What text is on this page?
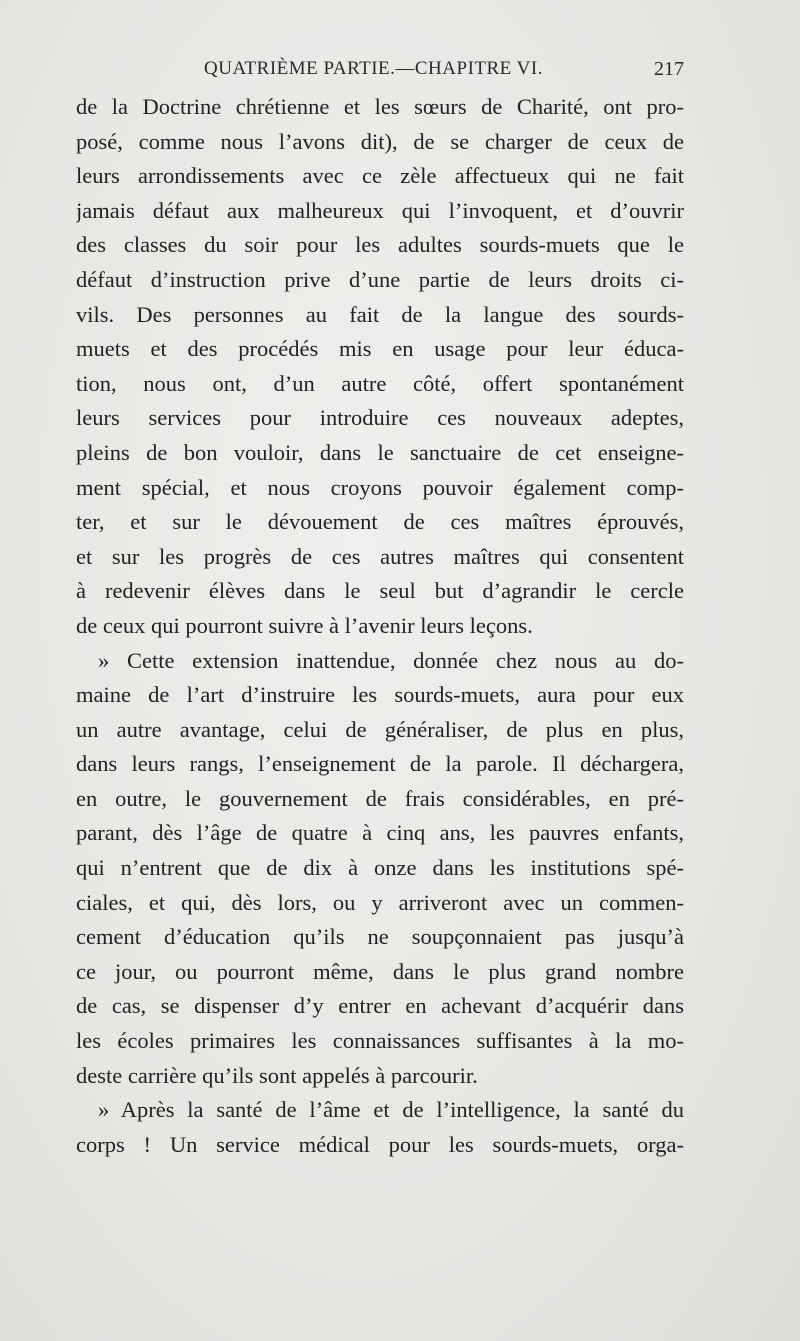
QUATRIÈME PARTIE.—CHAPITRE VI.	217
de la Doctrine chrétienne et les sœurs de Charité, ont pro-
posé, comme nous l’avons dit), de se charger de ceux de
leurs arrondissements avec ce zèle affectueux qui ne fait
jamais défaut aux malheureux qui l’invoquent, et d’ouvrir
des classes du soir pour les adultes sourds-muets que le
défaut d’instruction prive d’une partie de leurs droits ci-
vils. Des personnes au fait de la langue des sourds-
muets et des procédés mis en usage pour leur éduca-
tion, nous ont, d’un autre côté, offert spontanément
leurs services pour introduire ces nouveaux adeptes,
pleins de bon vouloir, dans le sanctuaire de cet enseigne-
ment spécial, et nous croyons pouvoir également comp-
ter, et sur le dévouement de ces maîtres éprouvés,
et sur les progrès de ces autres maîtres qui consentent
à redevenir élèves dans le seul but d’agrandir le cercle
de ceux qui pourront suivre à l’avenir leurs leçons.
» Cette extension inattendue, donnée chez nous au do-
maine de l’art d’instruire les sourds-muets, aura pour eux
un autre avantage, celui de généraliser, de plus en plus,
dans leurs rangs, l’enseignement de la parole. Il déchargera,
en outre, le gouvernement de frais considérables, en pré-
parant, dès l’âge de quatre à cinq ans, les pauvres enfants,
qui n’entrent que de dix à onze dans les institutions spé-
ciales, et qui, dès lors, ou y arriveront avec un commen-
cement d’éducation qu’ils ne soupçonnaient pas jusqu’à
ce jour, ou pourront même, dans le plus grand nombre
de cas, se dispenser d’y entrer en achevant d’acquérir dans
les écoles primaires les connaissances suffisantes à la mo-
deste carrière qu’ils sont appelés à parcourir.
» Après la santé de l’âme et de l’intelligence, la santé du
corps ! Un service médical pour les sourds-muets, orga-
